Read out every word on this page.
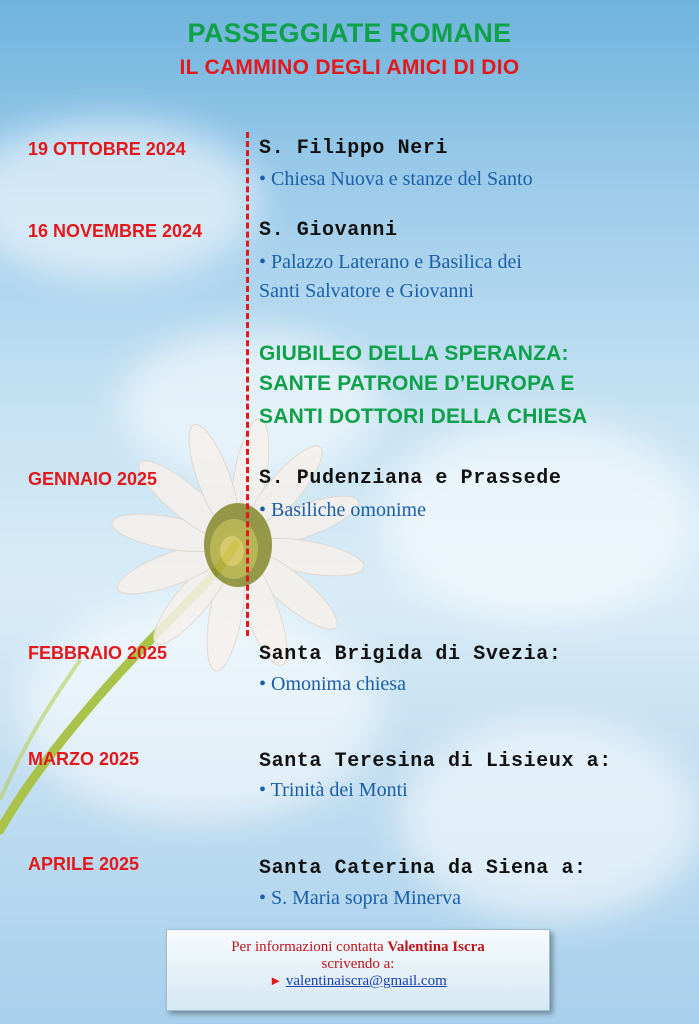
PASSEGGIATE ROMANE
IL CAMMINO DEGLI AMICI DI DIO
19 OTTOBRE 2024	S. Filippo Neri
• Chiesa Nuova e stanze del Santo
16 NOVEMBRE 2024	S. Giovanni
• Palazzo Laterano e Basilica dei
Santi Salvatore e Giovanni
GIUBILEO DELLA SPERANZA:
SANTE PATRONE D’EUROPA E
SANTI DOTTORI DELLA CHIESA
GENNAIO 2025	S. Pudenziana e Prassede
• Basiliche omonime
FEBBRAIO 2025	Santa Brigida di Svezia:
• Omonima chiesa
MARZO 2025	Santa Teresina di Lisieux a:
• Trinità dei Monti
APRILE 2025	Santa Caterina da Siena a:
• S. Maria sopra Minerva
Per informazioni contatta Valentina Iscra
scrivendo a:
► valentinaiscra@gmail.com
